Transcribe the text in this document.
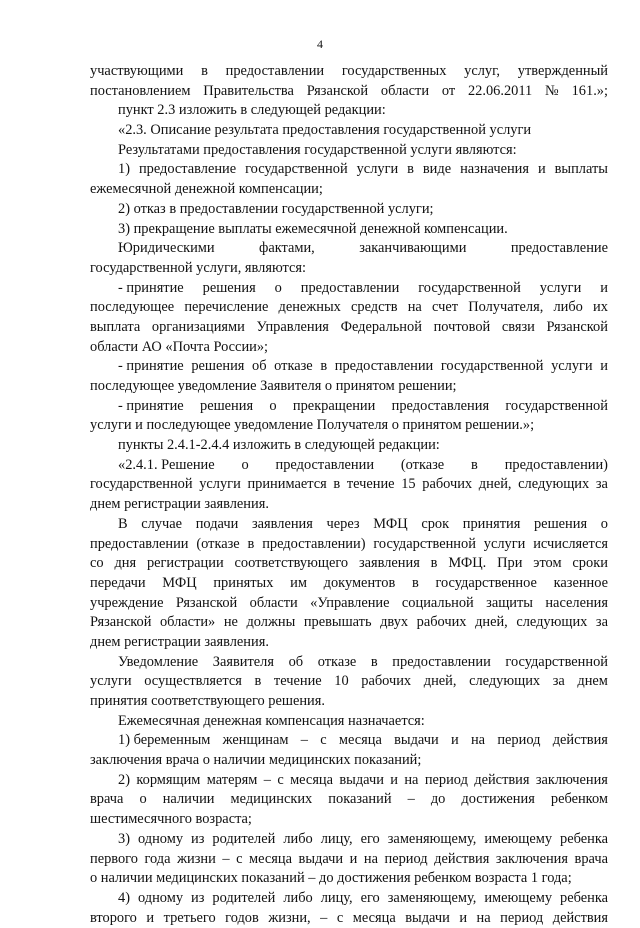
4
участвующими в предоставлении государственных услуг, утвержденный
постановлением Правительства Рязанской области от 22.06.2011 № 161.»;
пункт 2.3 изложить в следующей редакции:
«2.3. Описание результата предоставления государственной услуги
Результатами предоставления государственной услуги являются:
1) предоставление государственной услуги в виде назначения и выплаты
ежемесячной денежной компенсации;
2) отказ в предоставлении государственной услуги;
3) прекращение выплаты ежемесячной денежной компенсации.
Юридическими	фактами,	заканчивающими	предоставление
государственной услуги, являются:
- принятие решения о предоставлении государственной услуги и
последующее перечисление денежных средств на счет Получателя, либо их
выплата организациями Управления Федеральной почтовой связи Рязанской
области АО «Почта России»;
- принятие решения об отказе в предоставлении государственной услуги и
последующее уведомление Заявителя о принятом решении;
- принятие решения о прекращении предоставления государственной
услуги и последующее уведомление Получателя о принятом решении.»;
пункты 2.4.1-2.4.4 изложить в следующей редакции:
«2.4.1. Решение о предоставлении (отказе в предоставлении)
государственной услуги принимается в течение 15 рабочих дней, следующих за
днем регистрации заявления.
В случае подачи заявления через МФЦ срок принятия решения о
предоставлении (отказе в предоставлении) государственной услуги исчисляется
со дня регистрации соответствующего заявления в МФЦ. При этом сроки
передачи МФЦ принятых им документов в государственное казенное
учреждение Рязанской области «Управление социальной защиты населения
Рязанской области» не должны превышать двух рабочих дней, следующих за
днем регистрации заявления.
Уведомление Заявителя об отказе в предоставлении государственной
услуги осуществляется в течение 10 рабочих дней, следующих за днем
принятия соответствующего решения.
Ежемесячная денежная компенсация назначается:
1) беременным женщинам – с месяца выдачи и на период действия
заключения врача о наличии медицинских показаний;
2) кормящим матерям – с месяца выдачи и на период действия заключения
врача о наличии медицинских показаний – до достижения ребенком
шестимесячного возраста;
3) одному из родителей либо лицу, его заменяющему, имеющему ребенка
первого года жизни – с месяца выдачи и на период действия заключения врача
о наличии медицинских показаний – до достижения ребенком возраста 1 года;
4) одному из родителей либо лицу, его заменяющему, имеющему ребенка
второго и третьего годов жизни, – с месяца выдачи и на период действия
